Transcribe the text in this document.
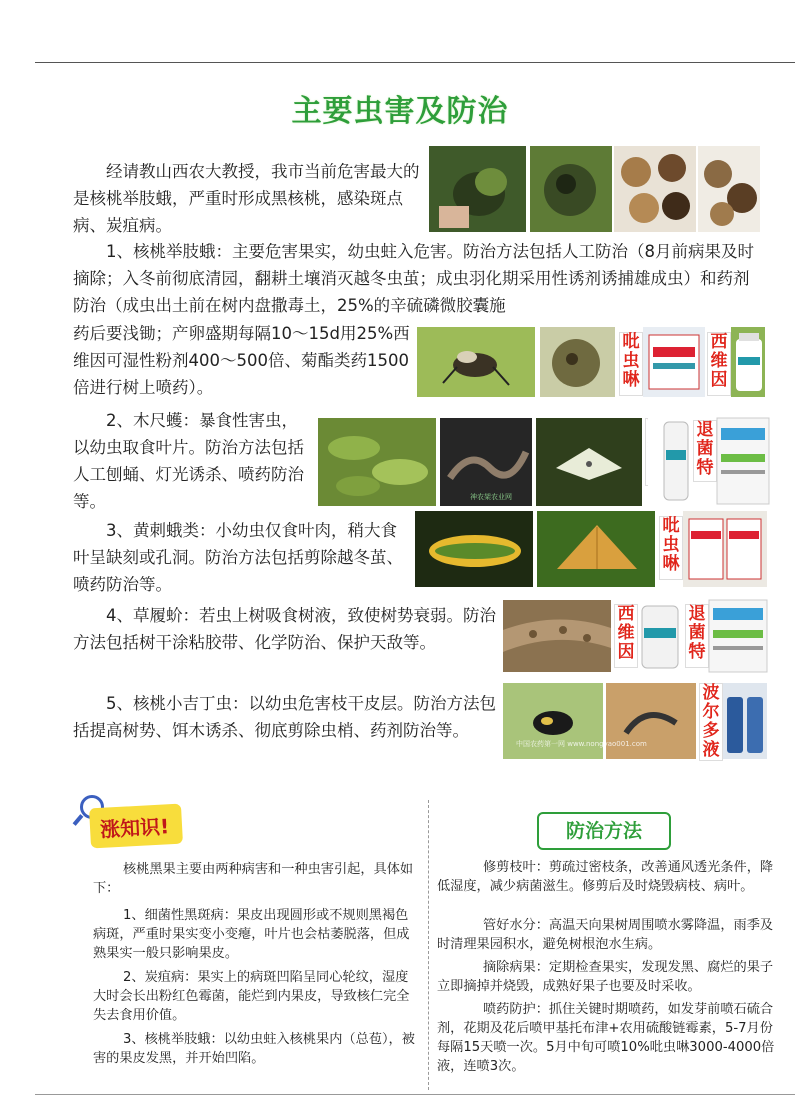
主要虫害及防治
经请教山西农大教授，我市当前危害最大的是核桃举肢蛾，严重时形成黑核桃，感染斑点病、炭疽病。
1、核桃举肢蛾：主要危害果实，幼虫蛀入危害。防治方法包括人工防治（8月前病果及时摘除；入冬前彻底清园，翻耕土壤消灭越冬虫茧；成虫羽化期采用性诱剂诱捕雄成虫）和药剂防治（成虫出土前在树内盘撒毒土，25%的辛硫磷微胶囊施
药后要浅锄；产卵盛期每隔10～15d用25%西维因可湿性粉剂400～500倍、菊酯类药1500倍进行树上喷药）。
吡虫啉
西维因
2、木尺蠖：暴食性害虫，以幼虫取食叶片。防治方法包括人工刨蛹、灯光诱杀、喷药防治等。	神农架农业网
退菌特
3、黄刺蛾类：小幼虫仅食叶肉，稍大食叶呈缺刻或孔洞。防治方法包括剪除越冬茧、喷药防治等。
吡虫啉
4、草履蚧：若虫上树吸食树液，致使树势衰弱。防治方法包括树干涂粘胶带、化学防治、保护天敌等。
西维因
退菌特
5、核桃小吉丁虫：以幼虫危害枝干皮层。防治方法包括提高树势、饵木诱杀、彻底剪除虫梢、药剂防治等。
中国农药第一网 www.nongyao001.com
波尔多液
涨知识!
核桃黑果主要由两种病害和一种虫害引起，具体如下：
1、细菌性黑斑病：果皮出现圆形或不规则黑褐色病斑，严重时果实变小变瘪，叶片也会枯萎脱落，但成熟果实一般只影响果皮。
2、炭疽病：果实上的病斑凹陷呈同心轮纹，湿度大时会长出粉红色霉菌，能烂到内果皮，导致核仁完全失去食用价值。
3、核桃举肢蛾：以幼虫蛀入核桃果内（总苞），被害的果皮发黑，并开始凹陷。
防治方法
修剪枝叶：剪疏过密枝条，改善通风透光条件，降低湿度，减少病菌滋生。修剪后及时烧毁病枝、病叶。
管好水分：高温天向果树周围喷水雾降温，雨季及时清理果园积水，避免树根泡水生病。
摘除病果：定期检查果实，发现发黑、腐烂的果子立即摘掉并烧毁，成熟好果子也要及时采收。
喷药防护：抓住关键时期喷药，如发芽前喷石硫合剂，花期及花后喷甲基托布津+农用硫酸链霉素，5-7月份每隔15天喷一次。5月中旬可喷10%吡虫啉3000-4000倍液，连喷3次。
